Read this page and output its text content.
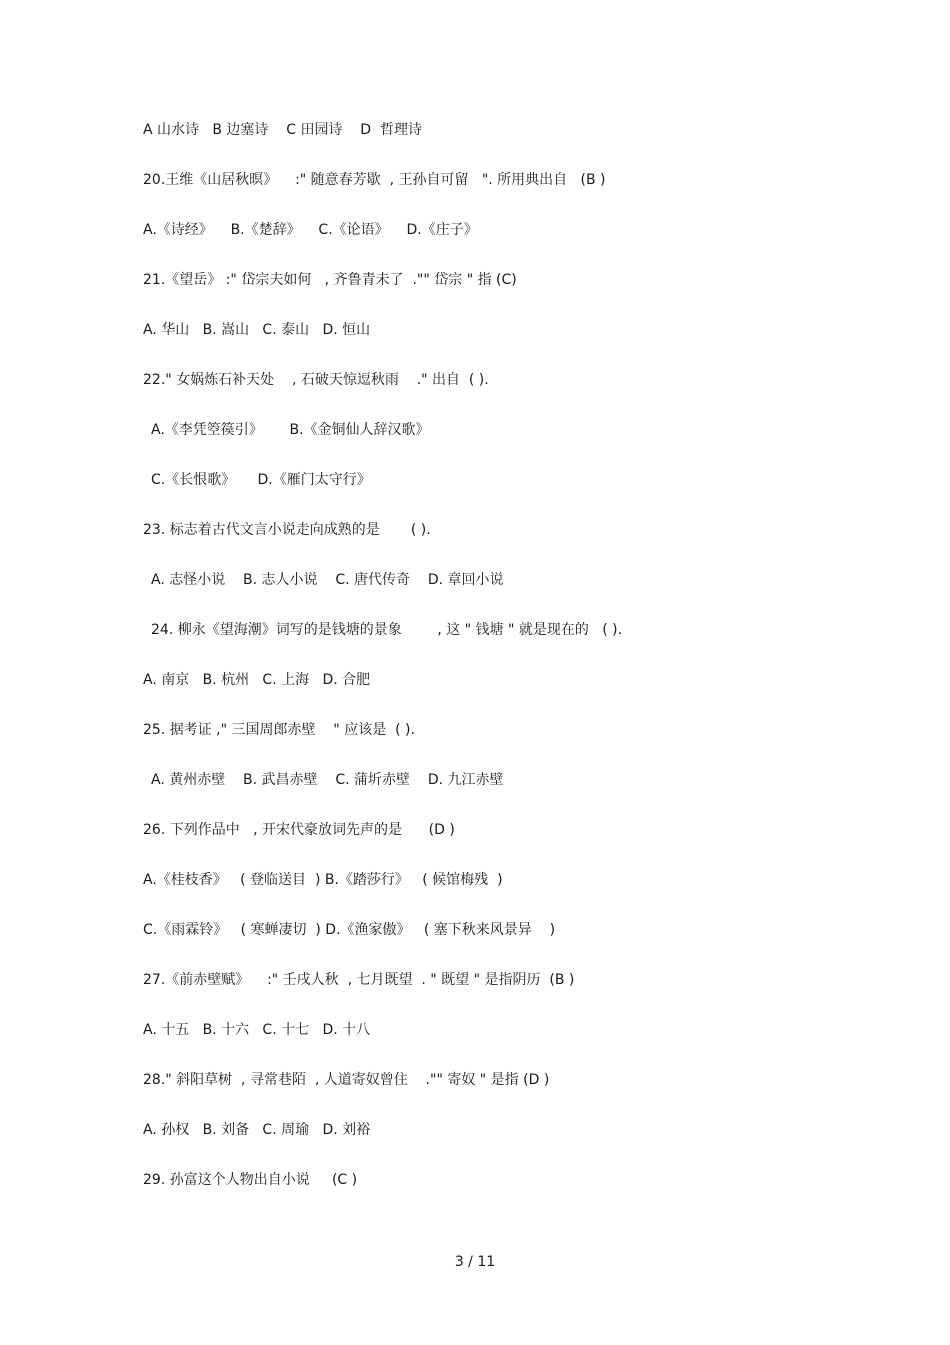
A 山水诗   B 边塞诗    C 田园诗    D  哲理诗
20.王维《山居秋暝》    :" 随意春芳歇  , 王孙自可留   ". 所用典出自   (B )
A.《诗经》    B.《楚辞》    C.《论语》    D.《庄子》
21.《望岳》 :" 岱宗夫如何   , 齐鲁青未了  ."" 岱宗 " 指 (C)
A. 华山   B. 嵩山   C. 泰山   D. 恒山
22." 女娲炼石补天处    , 石破天惊逗秋雨    ." 出自  ( ).
A.《李凭箜篌引》      B.《金铜仙人辞汉歌》
C.《长恨歌》     D.《雁门太守行》
23. 标志着古代文言小说走向成熟的是       ( ).
A. 志怪小说    B. 志人小说    C. 唐代传奇    D. 章回小说
24. 柳永《望海潮》词写的是钱塘的景象        , 这 " 钱塘 " 就是现在的   ( ).
A. 南京   B. 杭州   C. 上海   D. 合肥
25. 据考证 ," 三国周郎赤壁    " 应该是  ( ).
A. 黄州赤壁    B. 武昌赤壁    C. 蒲圻赤壁    D. 九江赤壁
26. 下列作品中   , 开宋代豪放词先声的是      (D )
A.《桂枝香》   ( 登临送目  ) B.《踏莎行》   ( 候馆梅残  )
C.《雨霖铃》   ( 寒蝉凄切  ) D.《渔家傲》   ( 塞下秋来风景异    )
27.《前赤壁赋》    :" 壬戌人秋  , 七月既望  . " 既望 " 是指阴历  (B )
A. 十五   B. 十六   C. 十七   D. 十八
28." 斜阳草树  , 寻常巷陌  , 人道寄奴曾住    ."" 寄奴 " 是指 (D )
A. 孙权   B. 刘备   C. 周瑜   D. 刘裕
29. 孙富这个人物出自小说     (C )
3 / 11
